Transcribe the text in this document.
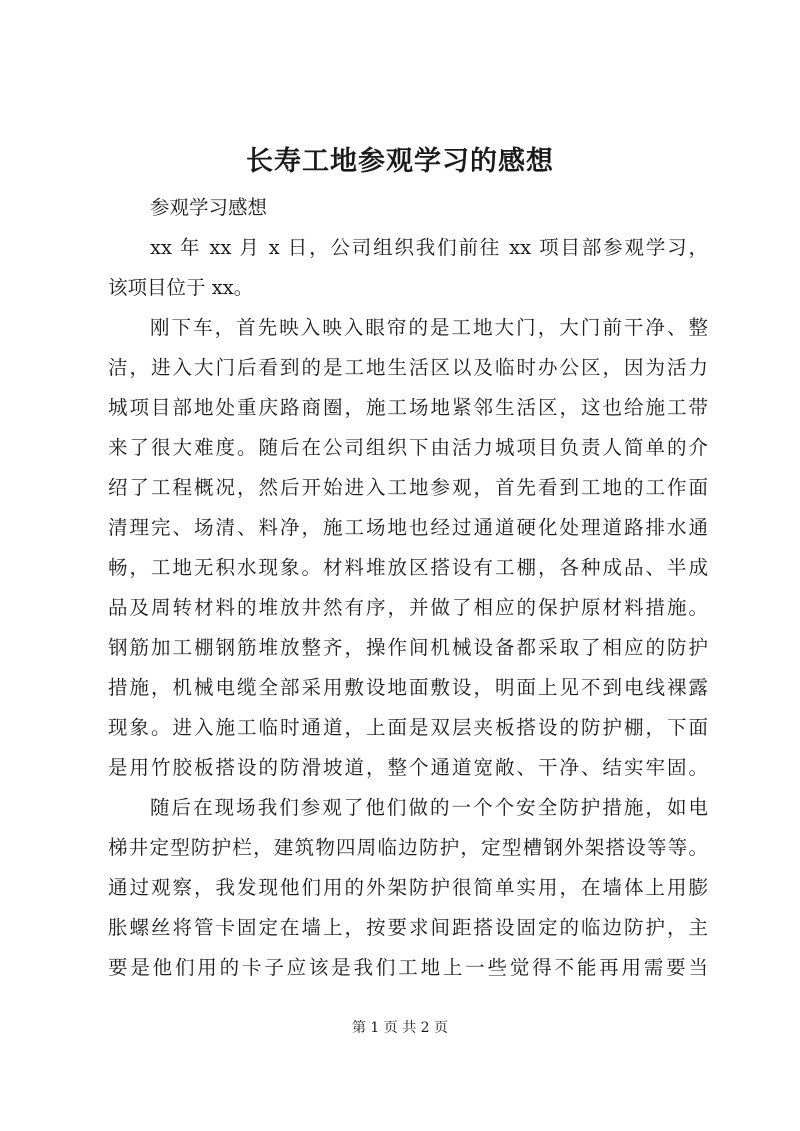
长寿工地参观学习的感想
参观学习感想
xx 年 xx 月 x 日，公司组织我们前往 xx 项目部参观学习，
该项目位于 xx。
刚下车，首先映入映入眼帘的是工地大门，大门前干净、整
洁，进入大门后看到的是工地生活区以及临时办公区，因为活力
城项目部地处重庆路商圈，施工场地紧邻生活区，这也给施工带
来了很大难度。随后在公司组织下由活力城项目负责人简单的介
绍了工程概况，然后开始进入工地参观，首先看到工地的工作面
清理完、场清、料净，施工场地也经过通道硬化处理道路排水通
畅，工地无积水现象。材料堆放区搭设有工棚，各种成品、半成
品及周转材料的堆放井然有序，并做了相应的保护原材料措施。
钢筋加工棚钢筋堆放整齐，操作间机械设备都采取了相应的防护
措施，机械电缆全部采用敷设地面敷设，明面上见不到电线裸露
现象。进入施工临时通道，上面是双层夹板搭设的防护棚，下面
是用竹胶板搭设的防滑坡道，整个通道宽敞、干净、结实牢固。
随后在现场我们参观了他们做的一个个安全防护措施，如电
梯井定型防护栏，建筑物四周临边防护，定型槽钢外架搭设等等。
通过观察，我发现他们用的外架防护很简单实用，在墙体上用膨
胀螺丝将管卡固定在墙上，按要求间距搭设固定的临边防护，主
要是他们用的卡子应该是我们工地上一些觉得不能再用需要当
第 1 页 共 2 页
